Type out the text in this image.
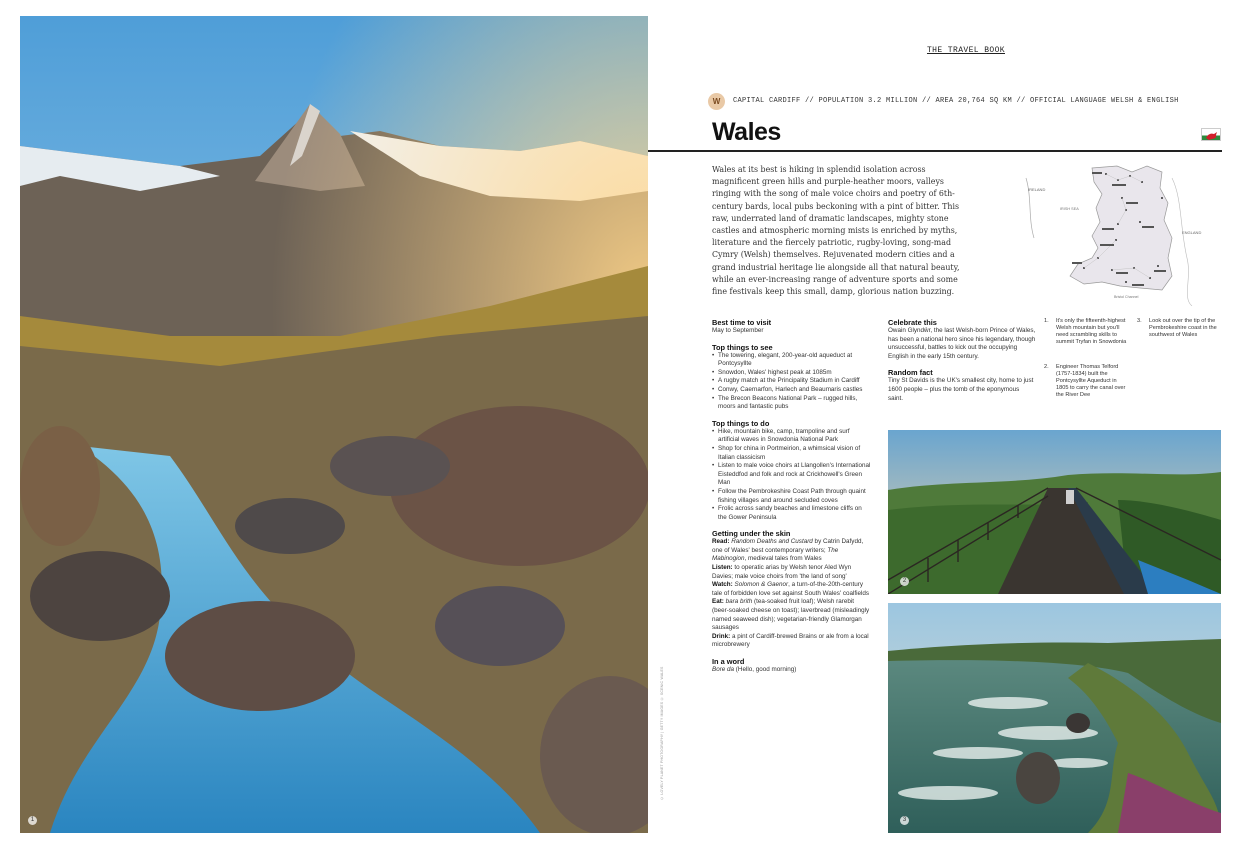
1
© LOVELY PLANET PHOTOGRAPHY | GETTY IMAGES © SCENIC WALES
THE TRAVEL BOOK
W	CAPITAL CARDIFF // POPULATION 3.2 MILLION // AREA 20,764 SQ KM // OFFICIAL LANGUAGE WELSH & ENGLISH
Wales
Wales at its best is hiking in splendid isolation across magnificent green hills and purple-heather moors, valleys ringing with the song of male voice choirs and poetry of 6th-century bards, local pubs beckoning with a pint of bitter. This raw, underrated land of dramatic landscapes, mighty stone castles and atmospheric morning mists is enriched by myths, literature and the fiercely patriotic, rugby-loving, song-mad Cymry (Welsh) themselves. Rejuvenated modern cities and a grand industrial heritage lie alongside all that natural beauty, while an ever-increasing range of adventure sports and some fine festivals keep this small, damp, glorious nation buzzing.
IRELAND
IRISH SEA
ENGLAND
Bristol Channel
Best time to visit

May to September

Top things to see
• The towering, elegant, 200-year-old aqueduct at Pontcysyllte
• Snowdon, Wales' highest peak at 1085m
• A rugby match at the Principality Stadium in Cardiff
• Conwy, Caernarfon, Harlech and Beaumaris castles
• The Brecon Beacons National Park – rugged hills, moors and fantastic pubs
Top things to do
• Hike, mountain bike, camp, trampoline and surf artificial waves in Snowdonia National Park
• Shop for china in Portmeirion, a whimsical vision of Italian classicism
• Listen to male voice choirs at Llangollen's International Eisteddfod and folk and rock at Crickhowell's Green Man
• Follow the Pembrokeshire Coast Path through quaint fishing villages and around secluded coves
• Frolic across sandy beaches and limestone cliffs on the Gower Peninsula
Getting under the skin

Read: Random Deaths and Custard by Catrin Dafydd, one of Wales' best contemporary writers; The Mabinogion, medieval tales from Wales

Listen: to operatic arias by Welsh tenor Aled Wyn Davies; male voice choirs from 'the land of song'

Watch: Solomon & Gaenor, a turn-of-the-20th-century tale of forbidden love set against South Wales' coalfields

Eat: bara brith (tea-soaked fruit loaf); Welsh rarebit (beer-soaked cheese on toast); laverbread (misleadingly named seaweed dish); vegetarian-friendly Glamorgan sausages

Drink: a pint of Cardiff-brewed Brains or ale from a local microbrewery

In a word

Bore da (Hello, good morning)

Celebrate this

Owain Glyndŵr, the last Welsh-born Prince of Wales, has been a national hero since his legendary, though unsuccessful, battles to kick out the occupying English in the early 15th century.

Random fact

Tiny St Davids is the UK's smallest city, home to just 1600 people – plus the tomb of the eponymous saint.

1.	It's only the fifteenth-highest Welsh mountain but you'll need scrambling skills to summit Tryfan in Snowdonia
3.	Look out over the tip of the Pembrokeshire coast in the southwest of Wales
2.	Engineer Thomas Telford (1757-1834) built the Pontcysyllte Aqueduct in 1805 to carry the canal over the River Dee
2
3
